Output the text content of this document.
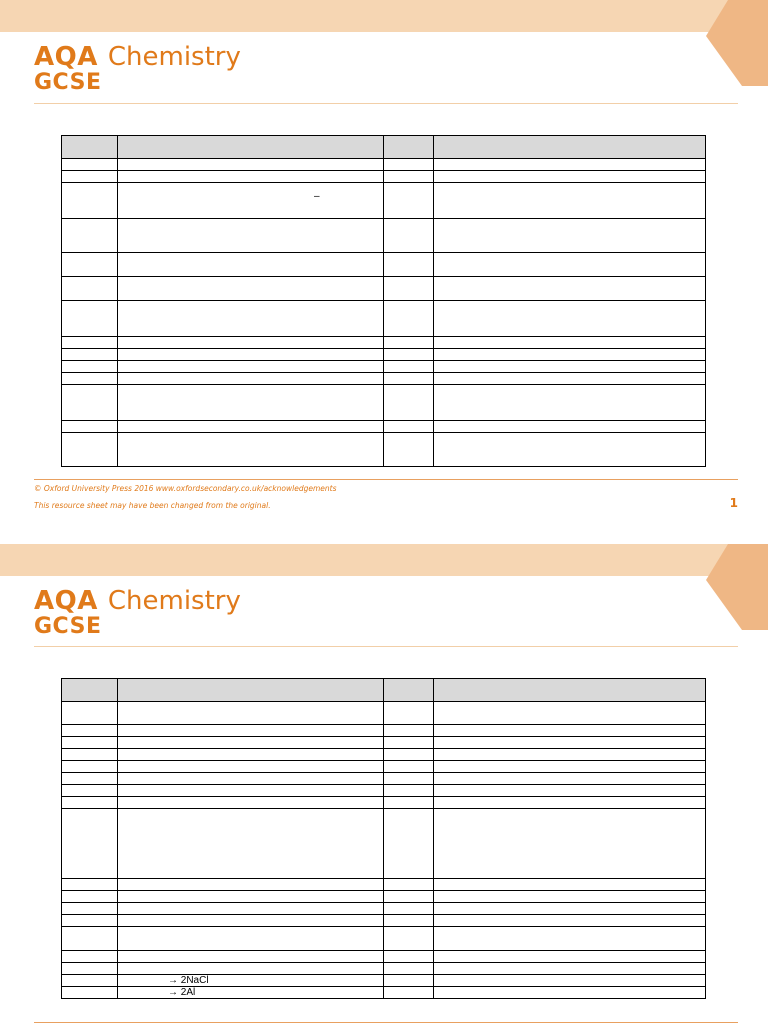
AQA Chemistry
GCSE

	–		

© Oxford University Press 2016 www.oxfordsecondary.co.uk/acknowledgements
This resource sheet may have been changed from the original.	1
AQA Chemistry
GCSE

	→ 2NaCl		
	→ 2Al		
